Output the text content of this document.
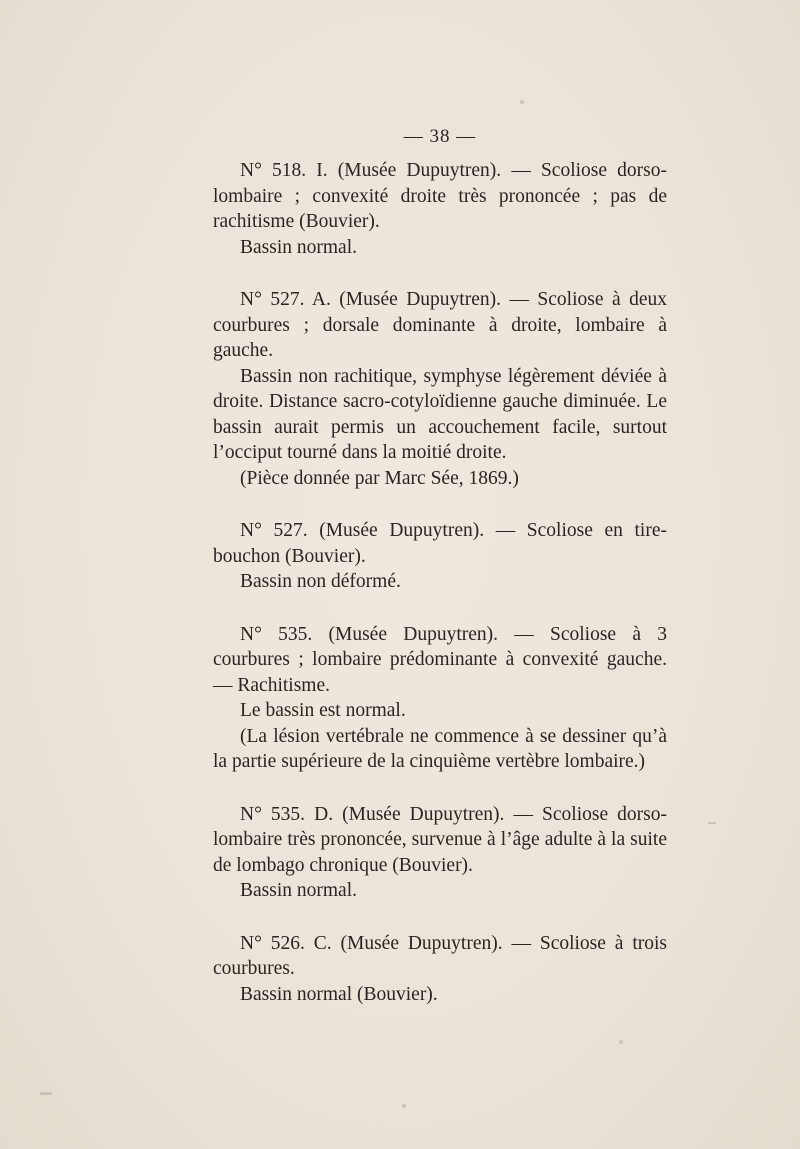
— 38 —

N° 518. I. (Musée Dupuytren). — Scoliose dorso-lombaire ; convexité droite très prononcée ; pas de rachitisme (Bouvier).

Bassin normal.

N° 527. A. (Musée Dupuytren). — Scoliose à deux courbures ; dorsale dominante à droite, lombaire à gauche.

Bassin non rachitique, symphyse légèrement déviée à droite. Distance sacro-cotyloïdienne gauche diminuée. Le bassin aurait permis un accouchement facile, surtout l’occiput tourné dans la moitié droite.

(Pièce donnée par Marc Sée, 1869.)

N° 527. (Musée Dupuytren). — Scoliose en tire-bouchon (Bouvier).

Bassin non déformé.

N° 535. (Musée Dupuytren). — Scoliose à 3 courbures ; lombaire prédominante à convexité gauche. — Rachitisme.

Le bassin est normal.

(La lésion vertébrale ne commence à se dessiner qu’à la partie supérieure de la cinquième vertèbre lombaire.)

N° 535. D. (Musée Dupuytren). — Scoliose dorso-lombaire très prononcée, survenue à l’âge adulte à la suite de lombago chronique (Bouvier).

Bassin normal.

N° 526. C. (Musée Dupuytren). — Scoliose à trois courbures.

Bassin normal (Bouvier).
